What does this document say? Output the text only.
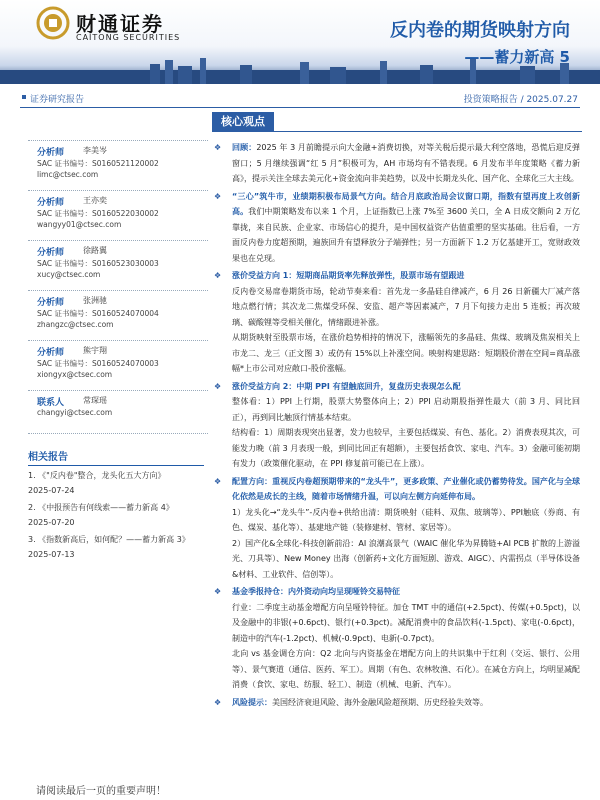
财通证券
CAITONG SECURITIES	反内卷的期货映射方向
——蓄力新高 5
证券研究报告	投资策略报告 / 2025.07.27
分析师 李美岑
SAC 证书编号：S0160521120002
limc@ctsec.com
分析师 王亦奕
SAC 证书编号：S0160522030002
wangyy01@ctsec.com
分析师 徐路翼
SAC 证书编号：S0160523030003
xucy@ctsec.com
分析师 张洲驰
SAC 证书编号：S0160524070004
zhangzc@ctsec.com
分析师 熊宇翔
SAC 证书编号：S0160524070003
xiongyx@ctsec.com
联系人 常琛瑶
changyi@ctsec.com
相关报告
1. 《"反内卷"整合，龙头化五大方向》
2025-07-24
2. 《中报预告有何线索——蓄力新高 4》
2025-07-20
3. 《指数新高后，如何配？——蓄力新高 3》
2025-07-13
核心观点
❖ 回顾：2025 年 3 月前瞻提示向大金融+消费切换，对等关税后提示最大利空落地，恐慌后迎反弹窗口；5 月继续强调“红 5 月”积极可为，AH 市场均有不错表现。6 月发布半年度策略《蓄力新高》，提示关注全球去美元化+资金流向非美趋势，以及中长期龙头化、国产化、全球化三大主线。
❖ “三心”筑牛市，业绩期积极布局景气方向。结合月底政治局会议窗口期，指数有望再度上攻创新高。我们中期策略发布以来 1 个月，上证指数已上涨 7%至 3600 关口，全 A 日成交额向 2 万亿靠拢，来自民族、企业家、市场信心的提升，是中国权益资产估值重塑的坚实基础。往后看，一方面反内卷力度超预期，遍族回升有望释放分子端弹性；另一方面新下 1.2 万亿基建开工，宽财政效果也在兑现。
❖ 涨价受益方向 1：短期商品期货率先释放弹性，股票市场有望跟进
反内卷交易席卷期货市场，轮动节奏来看：首先龙一多晶硅自律减产，6 月 26 日新疆大厂减产落地点燃行情；其次龙二焦煤受环保、安监、超产等因素减产，7 月下旬接力走出 5 连板；再次玻璃、碳酸锂等受相关催化，情绪跟进补涨。
从期货映射至股票市场，在涨价趋势相持的情况下，涨幅领先的多晶硅、焦煤、玻璃及焦炭相关上市龙二、龙三（正文图 3）或仍有 15%以上补涨空间。映射构建思路：短期股价潜在空间=商品涨幅*上市公司对应敞口-股价涨幅。
❖ 涨价受益方向 2：中期 PPI 有望触底回升，复盘历史表现怎么配
整体看：1）PPI 上行期，股票大势整体向上；2）PPI 启动期股指弹性最大（前 3 月、同比回正），再到同比触顶行情基本结束。
结构看：1）周期表现突出显著，发力也较早，主要包括煤炭、有色、基化。2）消费表现其次，可能发力晚（前 3 月表现一般，到同比回正有超额），主要包括食饮、家电、汽车。3）金融可能初期有发力（政策催化驱动，在 PPI 修复前可能已在上涨）。
❖ 配置方向：重视反内卷超预期带来的“龙头牛”，更多政策、产业催化或仍蓄势待发。国产化与全球化依然是成长的主线，随着市场情绪升温，可以向左侧方向延伸布局。
1）龙头化→“龙头牛”-反内卷+供给出清：期货映射（硅料、双焦、玻璃等）、PPI触底（券商、有色、煤炭、基化等）、基建地产链（装修建材、管材、家居等）。
2）国产化&全球化-科技创新前沿：AI 浪潮高景气（WAIC 催化华为昇腾链+AI PCB 扩散的上游溢光、刀具等）、New Money 出海（创新药+文化方面短剧、游戏、AIGC）、内需拐点（半导体设备&材料、工业软件、信创等）。
❖ 基金季报持仓：内外资动向均呈现哑铃交易特征
行业：二季度主动基金增配方向呈哑铃特征。加仓 TMT 中的通信(+2.5pct)、传媒(+0.5pct)，以及金融中的非银(+0.6pct)、银行(+0.3pct)。减配消费中的食品饮料(-1.5pct)、家电(-0.6pct)，制造中的汽车(-1.2pct)、机械(-0.9pct)、电新(-0.7pct)。
北向 vs 基金调仓方向：Q2 北向与内资基金在增配方向上的共识集中于红利（交运、银行、公用等）、景气赛道（通信、医药、军工）。周期（有色、农林牧渔、石化）。在减仓方向上，均明显减配消费（食饮、家电、纺服、轻工）、制造（机械、电新、汽车）。
❖ 风险提示：美国经济衰退风险、海外金融风险超预期、历史经验失效等。
请阅读最后一页的重要声明！
